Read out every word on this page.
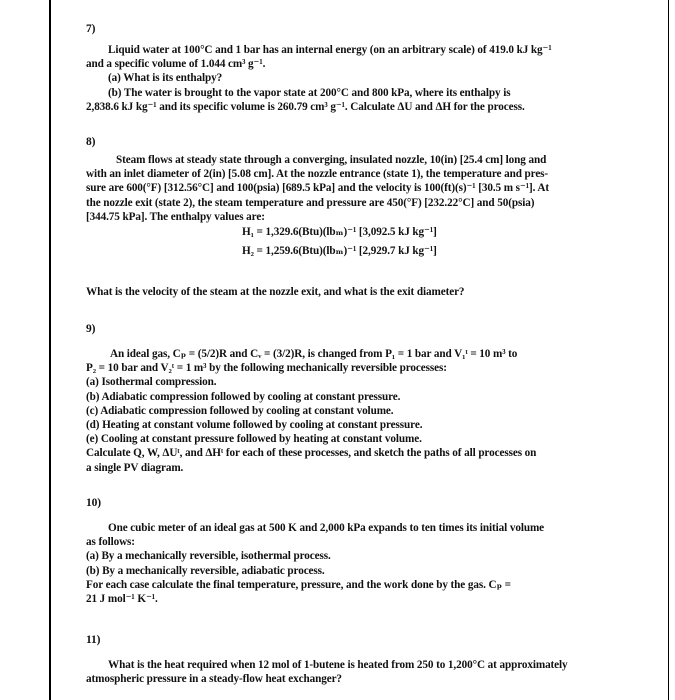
7)
Liquid water at 100°C and 1 bar has an internal energy (on an arbitrary scale) of 419.0 kJ kg⁻¹
and a specific volume of 1.044 cm³ g⁻¹.
(a) What is its enthalpy?
(b) The water is brought to the vapor state at 200°C and 800 kPa, where its enthalpy is
2,838.6 kJ kg⁻¹ and its specific volume is 260.79 cm³ g⁻¹. Calculate ΔU and ΔH for the process.
8)
Steam flows at steady state through a converging, insulated nozzle, 10(in) [25.4 cm] long and
with an inlet diameter of 2(in) [5.08 cm]. At the nozzle entrance (state 1), the temperature and pres-
sure are 600(°F) [312.56°C] and 100(psia) [689.5 kPa] and the velocity is 100(ft)(s)⁻¹ [30.5 m s⁻¹]. At
the nozzle exit (state 2), the steam temperature and pressure are 450(°F) [232.22°C] and 50(psia)
[344.75 kPa]. The enthalpy values are:
H₁ = 1,329.6(Btu)(lbₘ)⁻¹ [3,092.5 kJ kg⁻¹]
H₂ = 1,259.6(Btu)(lbₘ)⁻¹ [2,929.7 kJ kg⁻¹]
What is the velocity of the steam at the nozzle exit, and what is the exit diameter?
9)
An ideal gas, Cₚ = (5/2)R and Cᵥ = (3/2)R, is changed from P₁ = 1 bar and V₁ᵗ = 10 m³ to
P₂ = 10 bar and V₂ᵗ = 1 m³ by the following mechanically reversible processes:
(a) Isothermal compression.
(b) Adiabatic compression followed by cooling at constant pressure.
(c) Adiabatic compression followed by cooling at constant volume.
(d) Heating at constant volume followed by cooling at constant pressure.
(e) Cooling at constant pressure followed by heating at constant volume.
Calculate Q, W, ΔUᵗ, and ΔHᵗ for each of these processes, and sketch the paths of all processes on
a single PV diagram.
10)
One cubic meter of an ideal gas at 500 K and 2,000 kPa expands to ten times its initial volume
as follows:
(a) By a mechanically reversible, isothermal process.
(b) By a mechanically reversible, adiabatic process.
For each case calculate the final temperature, pressure, and the work done by the gas. Cₚ =
21 J mol⁻¹ K⁻¹.
11)
What is the heat required when 12 mol of 1-butene is heated from 250 to 1,200°C at approximately
atmospheric pressure in a steady-flow heat exchanger?
